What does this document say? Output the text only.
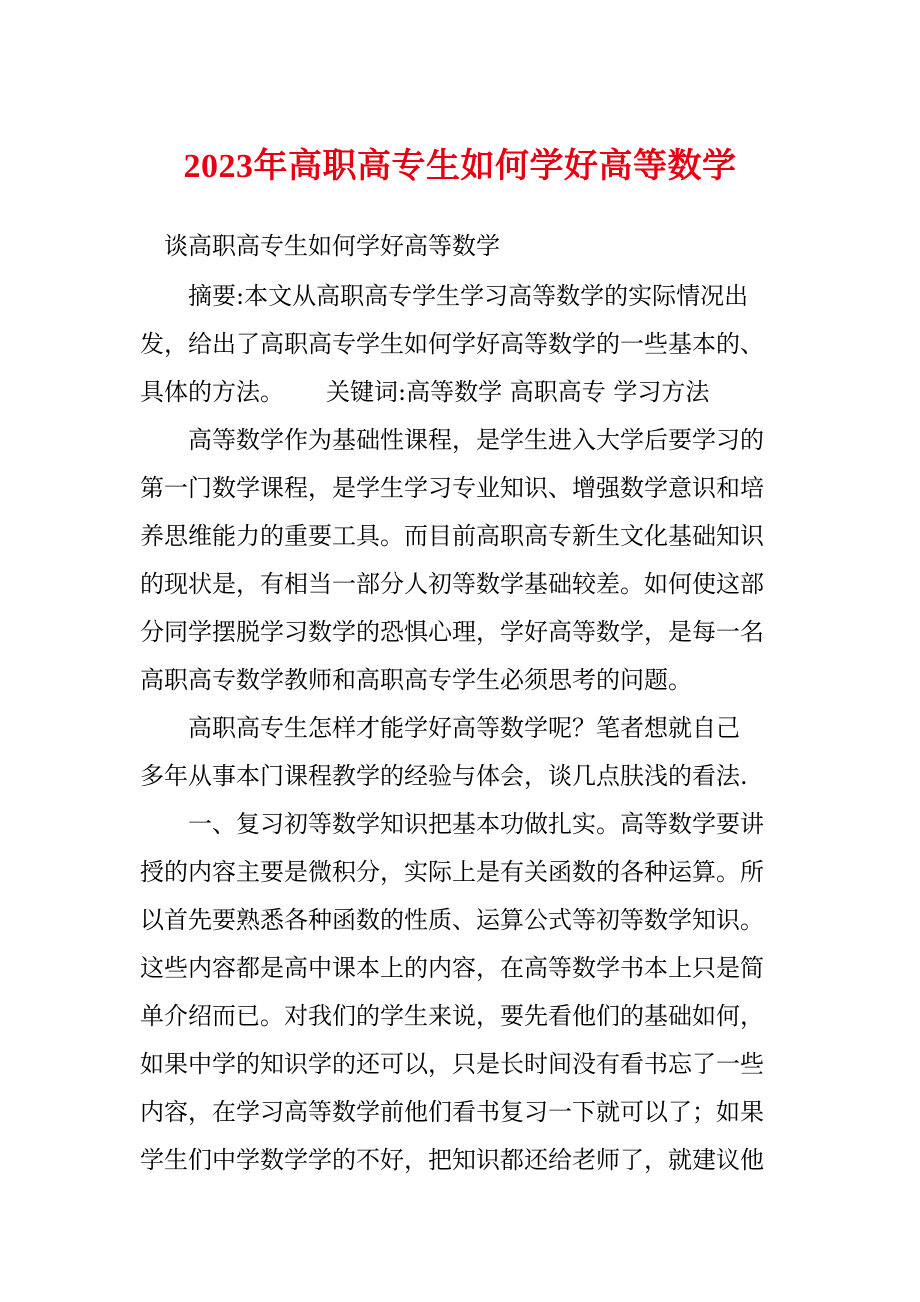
2023年高职高专生如何学好高等数学
谈高职高专生如何学好高等数学
摘要:本文从高职高专学生学习高等数学的实际情况出
发，给出了高职高专学生如何学好高等数学的一些基本的、
具体的方法。 关键词:高等数学 高职高专 学习方法
高等数学作为基础性课程，是学生进入大学后要学习的
第一门数学课程，是学生学习专业知识、增强数学意识和培
养思维能力的重要工具。而目前高职高专新生文化基础知识
的现状是，有相当一部分人初等数学基础较差。如何使这部
分同学摆脱学习数学的恐惧心理，学好高等数学，是每一名
高职高专数学教师和高职高专学生必须思考的问题。
高职高专生怎样才能学好高等数学呢？笔者想就自己
多年从事本门课程教学的经验与体会，谈几点肤浅的看法.
一、复习初等数学知识把基本功做扎实。高等数学要讲
授的内容主要是微积分，实际上是有关函数的各种运算。所
以首先要熟悉各种函数的性质、运算公式等初等数学知识。
这些内容都是高中课本上的内容，在高等数学书本上只是简
单介绍而已。对我们的学生来说，要先看他们的基础如何，
如果中学的知识学的还可以，只是长时间没有看书忘了一些
内容，在学习高等数学前他们看书复习一下就可以了；如果
学生们中学数学学的不好，把知识都还给老师了，就建议他
